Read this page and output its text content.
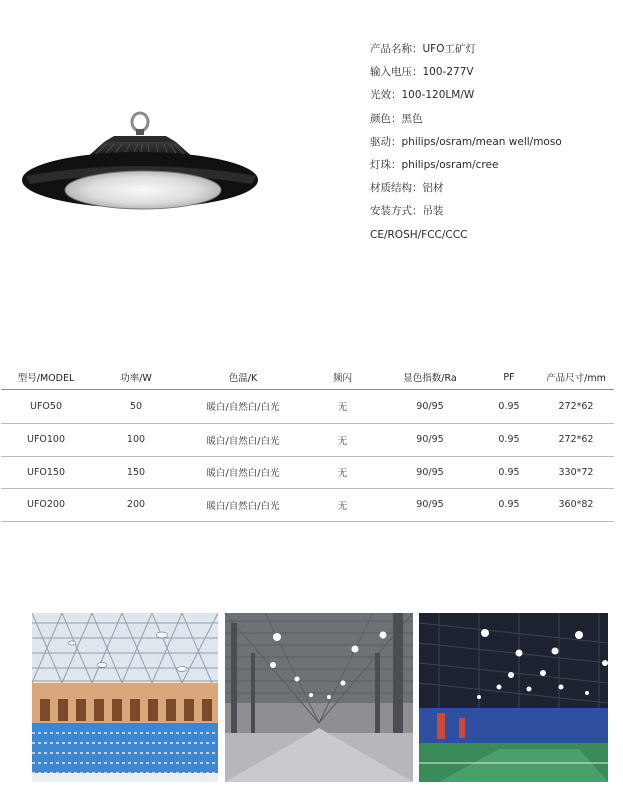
产品名称：UFO工矿灯
输入电压：100-277V
光效：100-120LM/W
颜色：黑色
驱动：philips/osram/mean well/moso
灯珠：philips/osram/cree
材质结构：铝材
安装方式：吊装
CE/ROSH/FCC/CCC
型号/MODEL	功率/W	色温/K	频闪	显色指数/Ra	PF	产品尺寸/mm
UFO50	50	暖白/自然白/白光	无	90/95	0.95	272*62
UFO100	100	暖白/自然白/白光	无	90/95	0.95	272*62
UFO150	150	暖白/自然白/白光	无	90/95	0.95	330*72
UFO200	200	暖白/自然白/白光	无	90/95	0.95	360*82
